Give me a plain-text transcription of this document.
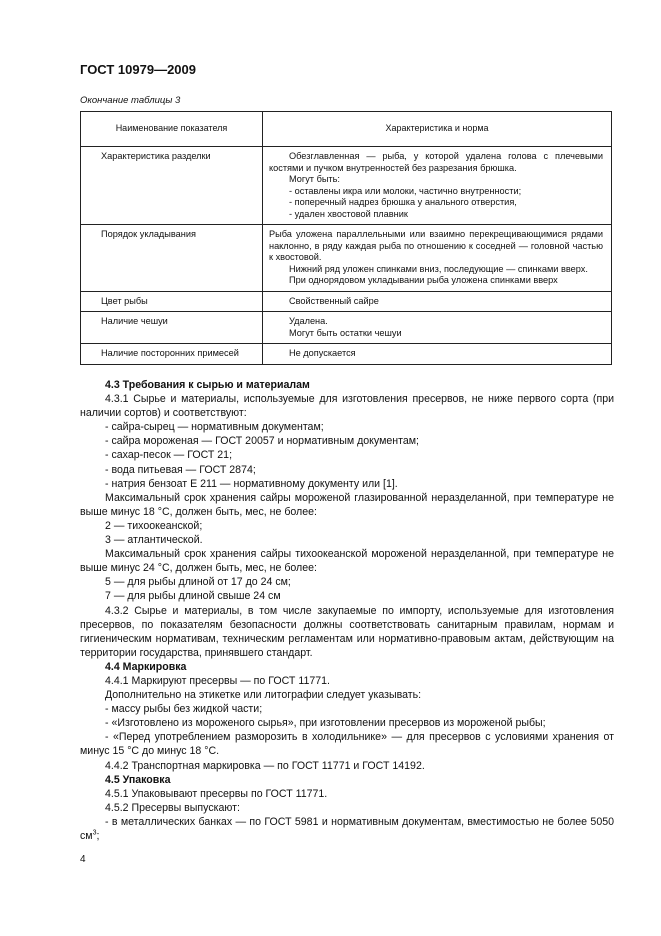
ГОСТ 10979—2009
Окончание таблицы 3
Наименование показателя	Характеристика и норма
Характеристика разделки	Обезглавленная — рыба, у которой удалена голова с плечевыми костями и пучком внутренностей без разрезания брюшка.
Могут быть:
- оставлены икра или молоки, частично внутренности;
- поперечный надрез брюшка у анального отверстия,
- удален хвостовой плавник

Порядок укладывания	Рыба уложена параллельными или взаимно перекрещивающимися рядами наклонно, в ряду каждая рыба по отношению к соседней — головной частью к хвостовой.
Нижний ряд уложен спинками вниз, последующие — спинками вверх.
При однорядовом укладывании рыба уложена спинками вверх

Цвет рыбы	Свойственный сайре

Наличие чешуи	Удалена.
Могут быть остатки чешуи

Наличие посторонних примесей	Не допускается

4.3 Требования к сырью и материалам

4.3.1 Сырье и материалы, используемые для изготовления пресервов, не ниже первого сорта (при наличии сортов) и соответствуют:

- сайра-сырец — нормативным документам;

- сайра мороженая — ГОСТ 20057 и нормативным документам;

- сахар-песок — ГОСТ 21;

- вода питьевая — ГОСТ 2874;

- натрия бензоат Е 211 — нормативному документу или [1].

Максимальный срок хранения сайры мороженой глазированной неразделанной, при температуре не выше минус 18 °С, должен быть, мес, не более:

2 — тихоокеанской;

3 — атлантической.

Максимальный срок хранения сайры тихоокеанской мороженой неразделанной, при температуре не выше минус 24 °С, должен быть, мес, не более:

5 — для рыбы длиной от 17 до 24 см;

7 — для рыбы длиной свыше 24 см

4.3.2 Сырье и материалы, в том числе закупаемые по импорту, используемые для изготовления пресервов, по показателям безопасности должны соответствовать санитарным правилам, нормам и гигиеническим нормативам, техническим регламентам или нормативно-правовым актам, действующим на территории государства, принявшего стандарт.

4.4 Маркировка

4.4.1 Маркируют пресервы — по ГОСТ 11771.

Дополнительно на этикетке или литографии следует указывать:

- массу рыбы без жидкой части;

- «Изготовлено из мороженого сырья», при изготовлении пресервов из мороженой рыбы;

- «Перед употреблением разморозить в холодильнике» — для пресервов с условиями хранения от минус 15 °С до минус 18 °С.

4.4.2 Транспортная маркировка — по ГОСТ 11771 и ГОСТ 14192.

4.5 Упаковка

4.5.1 Упаковывают пресервы по ГОСТ 11771.

4.5.2 Пресервы выпускают:

- в металлических банках — по ГОСТ 5981 и нормативным документам, вместимостью не более 5050 $см^3$;

4
